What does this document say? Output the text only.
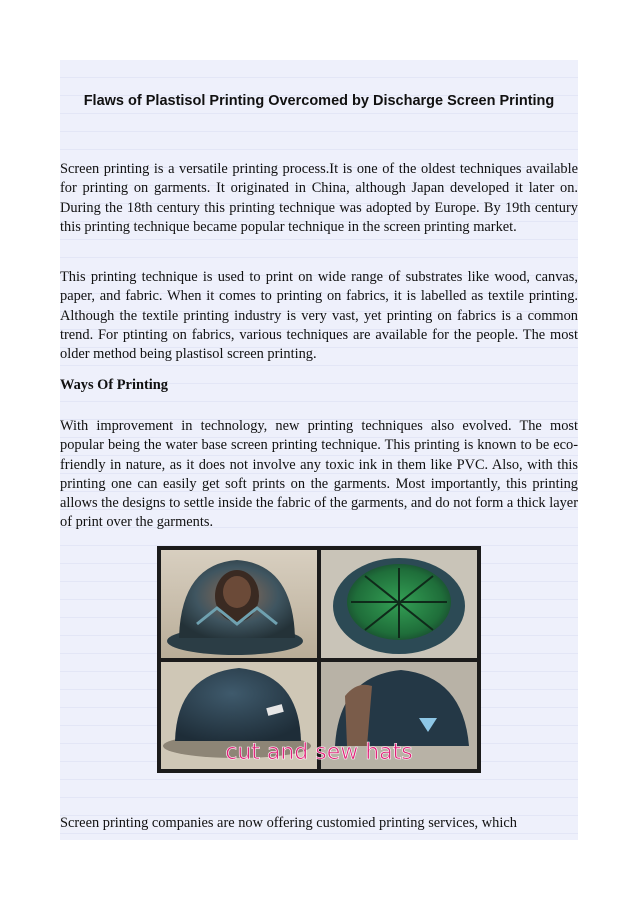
Flaws of Plastisol Printing Overcomed by Discharge Screen Printing

Screen printing is a versatile printing process.It is one of the oldest techniques available for printing on garments. It originated in China, although Japan developed it later on. During the 18th century this printing technique was adopted by Europe. By 19th century this printing technique became popular technique in the screen printing market.

This printing technique is used to print on wide range of substrates like wood, canvas, paper, and fabric. When it comes to printing on fabrics, it is labelled as textile printing. Although the textile printing industry is very vast, yet printing on fabrics is a common trend. For ptinting on fabrics, various techniques are available for the people. The most older method being plastisol screen printing.

Ways Of Printing

With improvement in technology, new printing techniques also evolved. The most popular being the water base screen printing technique. This printing is known to be eco-friendly in nature, as it does not involve any toxic ink in them like PVC. Also, with this printing one can easily get soft prints on the garments. Most importantly, this printing allows the designs to settle inside the fabric of the garments, and do not form a thick layer of print over the garments.

cut and sew hats

Screen printing companies are now offering customied printing services, which
